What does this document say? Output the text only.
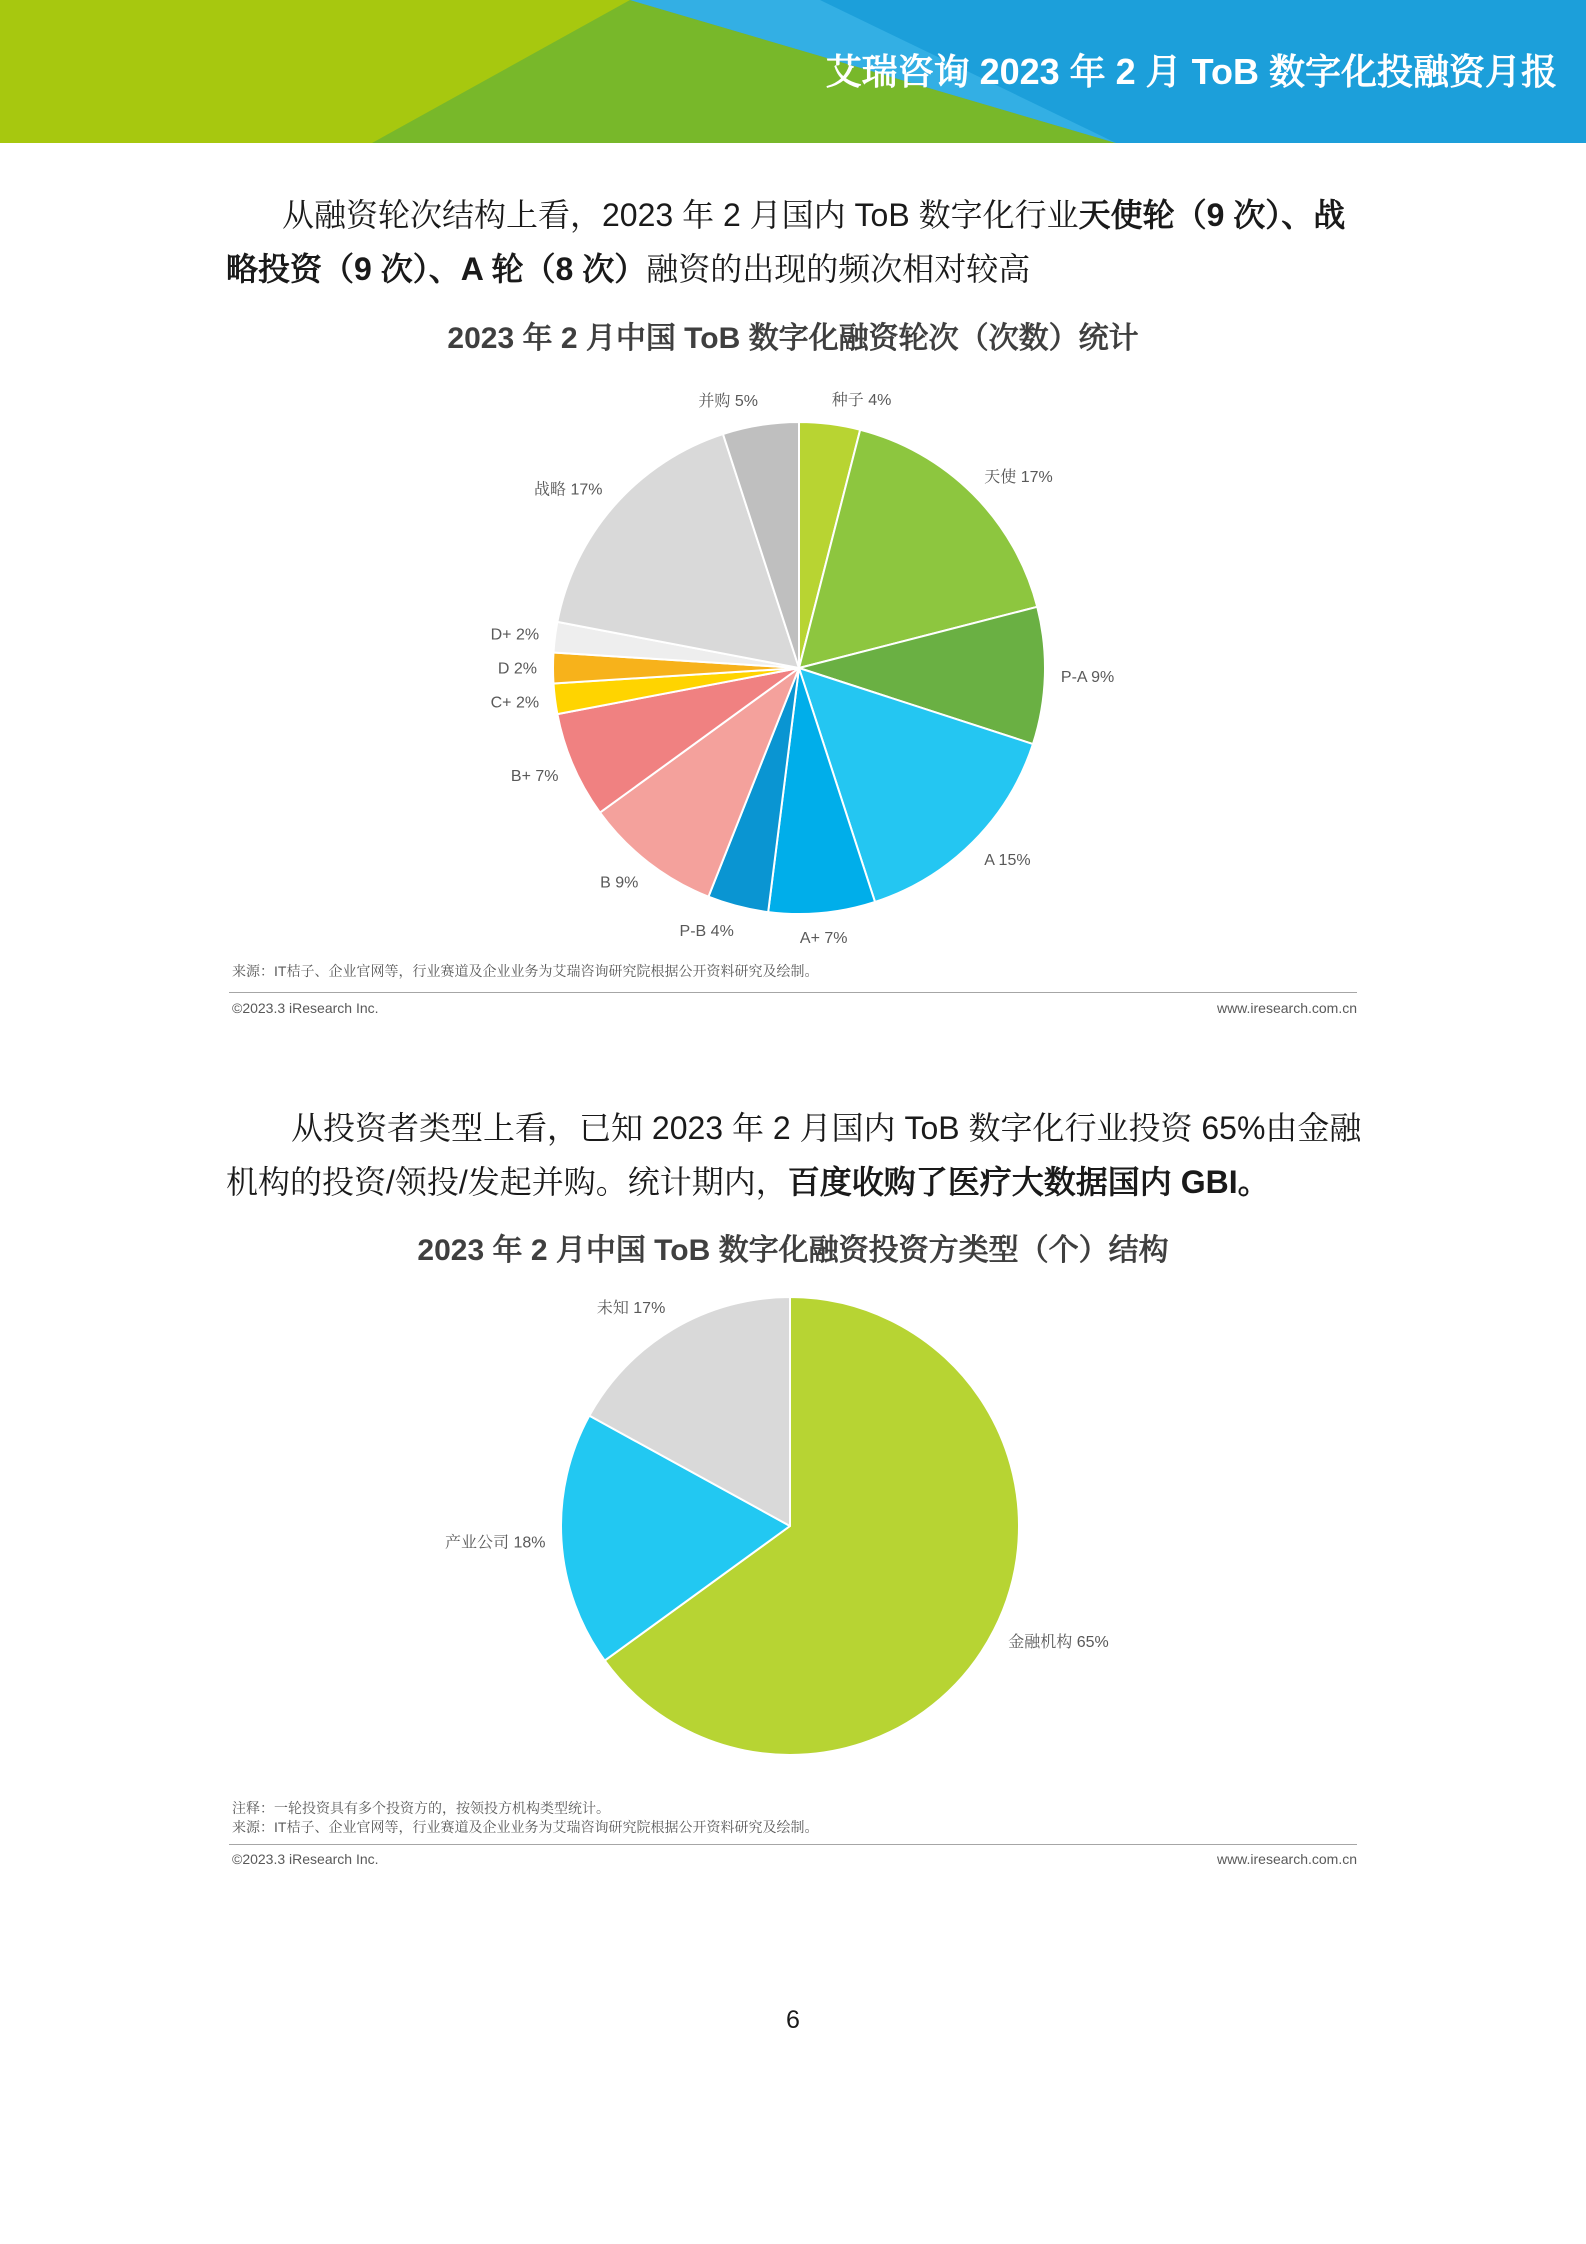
艾瑞咨询 2023 年 2 月 ToB 数字化投融资月报
从融资轮次结构上看，2023 年 2 月国内 ToB 数字化行业天使轮（9 次）、战
略投资（9 次）、A 轮（8 次）融资的出现的频次相对较高
2023 年 2 月中国 ToB 数字化融资轮次（次数）统计
种子 4%
天使 17%
P-A 9%
A 15%
A+ 7%
P-B 4%
B 9%
B+ 7%
C+ 2%
D 2%
D+ 2%
战略 17%
并购 5%
来源：IT桔子、企业官网等，行业赛道及企业业务为艾瑞咨询研究院根据公开资料研究及绘制。
©2023.3 iResearch Inc.	www.iresearch.com.cn
从投资者类型上看，已知 2023 年 2 月国内 ToB 数字化行业投资 65%由金融
机构的投资/领投/发起并购。统计期内，百度收购了医疗大数据国内 GBI。
2023 年 2 月中国 ToB 数字化融资投资方类型（个）结构
金融机构 65%
产业公司 18%
未知 17%
注释：一轮投资具有多个投资方的，按领投方机构类型统计。
来源：IT桔子、企业官网等，行业赛道及企业业务为艾瑞咨询研究院根据公开资料研究及绘制。
©2023.3 iResearch Inc.	www.iresearch.com.cn
6
